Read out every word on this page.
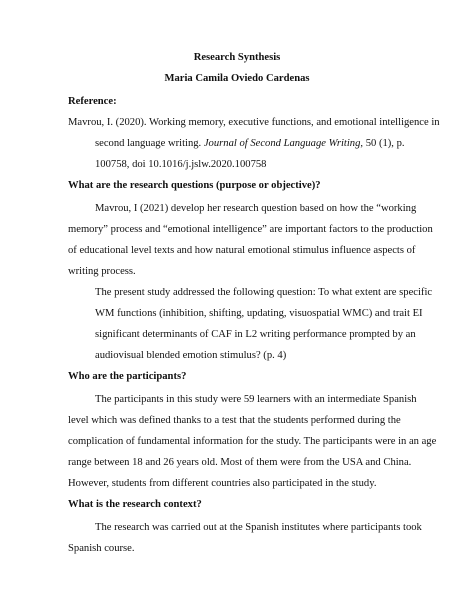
Research Synthesis
Maria Camila Oviedo Cardenas
Reference:
Mavrou, I. (2020). Working memory, executive functions, and emotional intelligence in
second language writing. Journal of Second Language Writing, 50 (1), p.
100758, doi 10.1016/j.jslw.2020.100758
What are the research questions (purpose or objective)?
Mavrou, I (2021) develop her research question based on how the “working
memory” process and “emotional intelligence” are important factors to the production
of educational level texts and how natural emotional stimulus influence aspects of
writing process.
The present study addressed the following question: To what extent are specific
WM functions (inhibition, shifting, updating, visuospatial WMC) and trait EI
significant determinants of CAF in L2 writing performance prompted by an
audiovisual blended emotion stimulus? (p. 4)
Who are the participants?
The participants in this study were 59 learners with an intermediate Spanish
level which was defined thanks to a test that the students performed during the
complication of fundamental information for the study. The participants were in an age
range between 18 and 26 years old. Most of them were from the USA and China.
However, students from different countries also participated in the study.
What is the research context?
The research was carried out at the Spanish institutes where participants took
Spanish course.
